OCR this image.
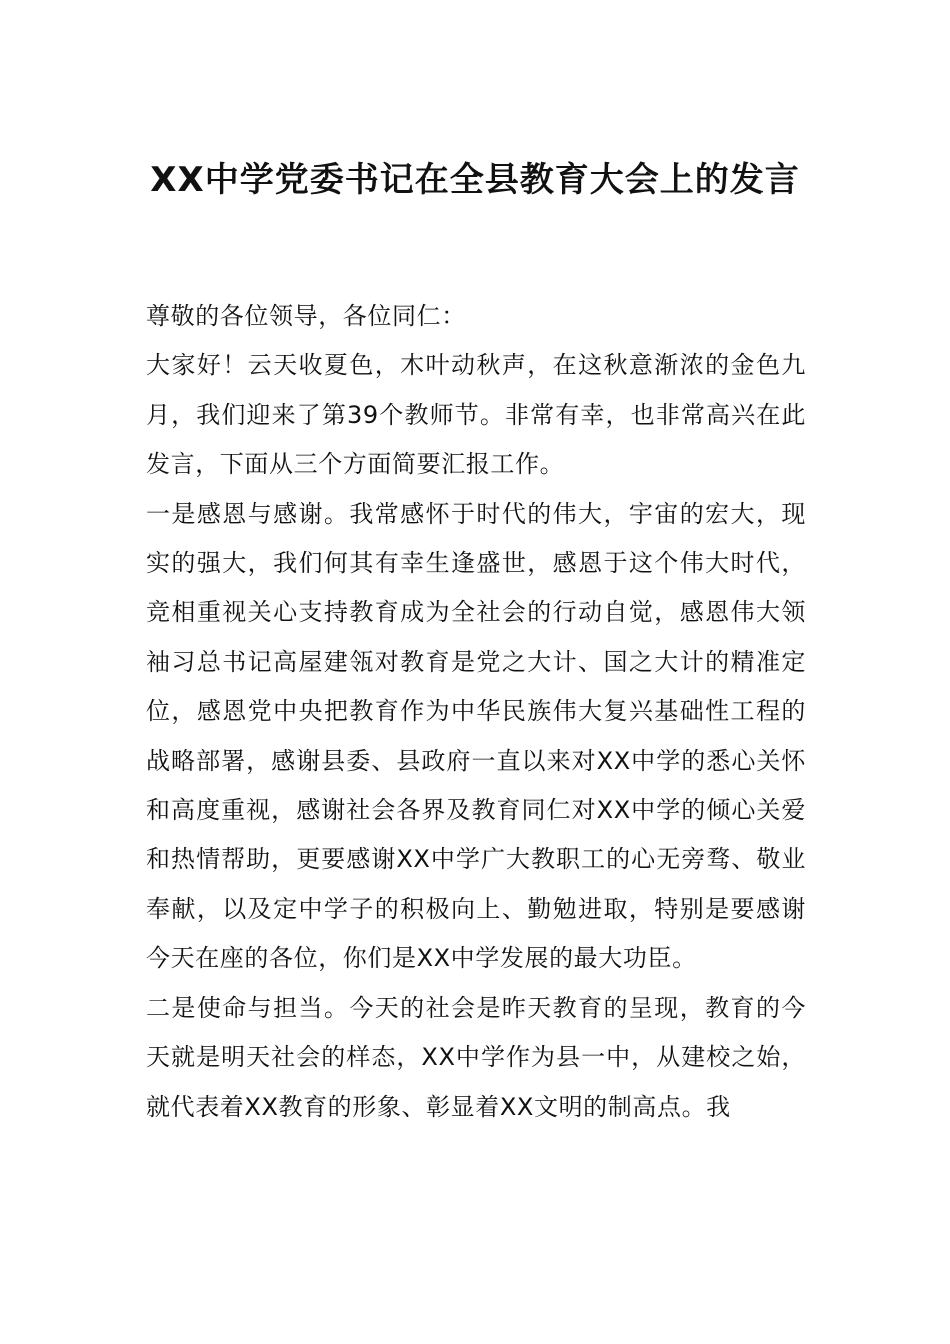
XX中学党委书记在全县教育大会上的发言

尊敬的各位领导，各位同仁：

大家好！云天收夏色，木叶动秋声，在这秋意渐浓的金色九月，我们迎来了第39个教师节。非常有幸，也非常高兴在此发言，下面从三个方面简要汇报工作。

一是感恩与感谢。我常感怀于时代的伟大，宇宙的宏大，现实的强大，我们何其有幸生逢盛世，感恩于这个伟大时代，竞相重视关心支持教育成为全社会的行动自觉，感恩伟大领袖习总书记高屋建瓴对教育是党之大计、国之大计的精准定位，感恩党中央把教育作为中华民族伟大复兴基础性工程的战略部署，感谢县委、县政府一直以来对XX中学的悉心关怀和高度重视，感谢社会各界及教育同仁对XX中学的倾心关爱和热情帮助，更要感谢XX中学广大教职工的心无旁骛、敬业奉献，以及定中学子的积极向上、勤勉进取，特别是要感谢今天在座的各位，你们是XX中学发展的最大功臣。

二是使命与担当。今天的社会是昨天教育的呈现，教育的今天就是明天社会的样态，XX中学作为县一中，从建校之始，就代表着XX教育的形象、彰显着XX文明的制高点。我
